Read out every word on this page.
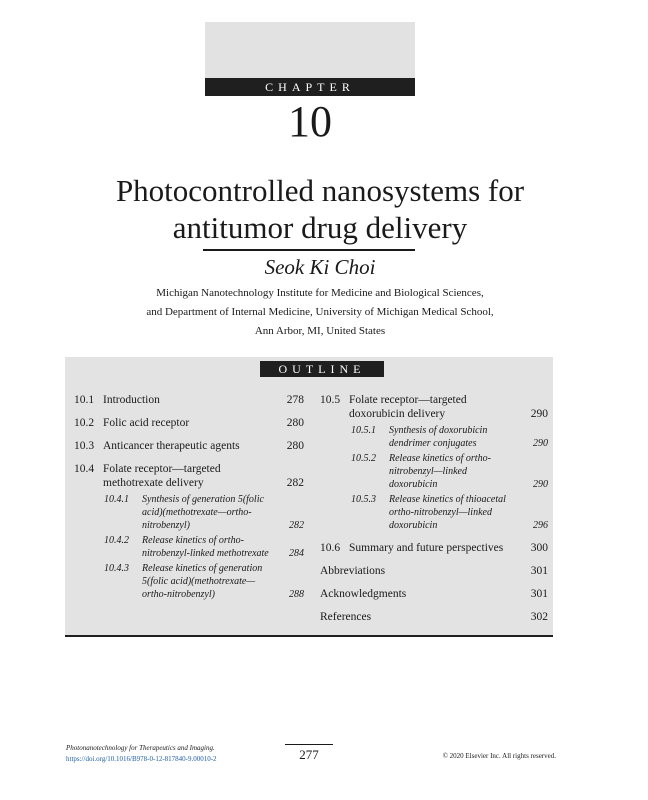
CHAPTER
10
Photocontrolled nanosystems for
antitumor drug delivery
Seok Ki Choi
Michigan Nanotechnology Institute for Medicine and Biological Sciences,
and Department of Internal Medicine, University of Michigan Medical School,
Ann Arbor, MI, United States
OUTLINE
10.1 Introduction	278
10.2 Folic acid receptor	280
10.3 Anticancer therapeutic agents	280
10.4 Folate receptor—targeted
methotrexate delivery	282
10.4.1	Synthesis of generation 5(folic
acid)(methotrexate—ortho-
nitrobenzyl)	282
10.4.2	Release kinetics of ortho-
nitrobenzyl-linked methotrexate	284
10.4.3	Release kinetics of generation
5(folic acid)(methotrexate—
ortho-nitrobenzyl)	288
10.5 Folate receptor—targeted
doxorubicin delivery	290
10.5.1	Synthesis of doxorubicin
dendrimer conjugates	290
10.5.2	Release kinetics of ortho-
nitrobenzyl—linked
doxorubicin	290
10.5.3	Release kinetics of thioacetal
ortho-nitrobenzyl—linked
doxorubicin	296
10.6 Summary and future perspectives	300
Abbreviations	301
Acknowledgments	301
References	302
Photonanotechnology for Therapeutics and Imaging.
https://doi.org/10.1016/B978-0-12-817840-9.00010-2	277	© 2020 Elsevier Inc. All rights reserved.
